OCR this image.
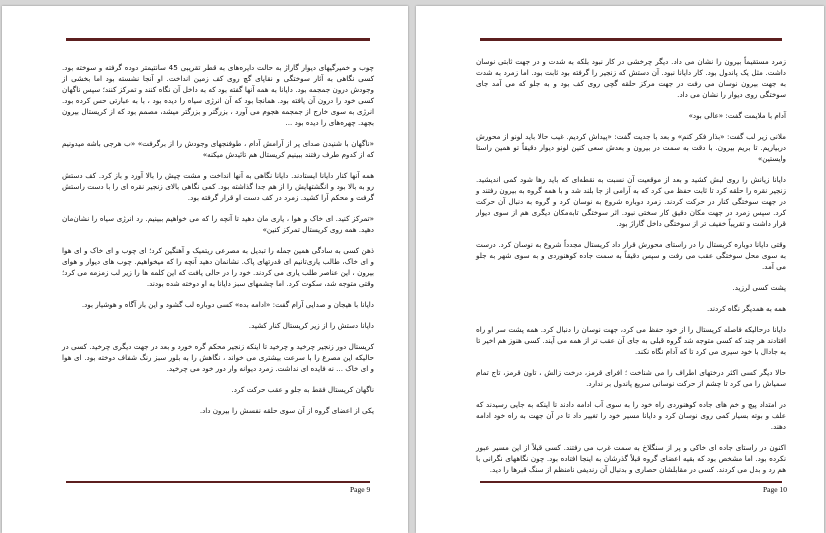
چوب و خمیرگیهای دیوار گاراژ به حالت دایره‌های به قطر تقریبی 45 سانتیمتر دوده گرفته و سوخته بود. کسی نگاهی به آثار سوختگی و نقاپای گچ روی کف زمین انداخت. او آنجا نشسته بود اما بخشی از وجودش درون جمجمه بود. دایانا به همه آنها گفته بود که به داخل آن نگاه کنند و تمرکز کنند؛ سپس ناگهان کسی خود را درون آن یافته بود. همانجا بود که آن انرژی سیاه را دیده بود ، با به عبارتی حس کرده بود. انرژی به سوی خارج از جمجمه هجوم می آورد ، بزرگتر و بزرگتر میشد، مصمم بود که از کریستال بیرون بجهد. چهره‌های را دیده بود ...

«ناگهان با شنیدن صدای پر از آرامش آدام ، طوفنجهای وجودش را از برگرفت» «ب هرجی باشه میدونیم که از کدوم طرف رفتند ببینیم کریستال هم تائیدش میکنه»

همه آنها کنار دایانا ایستادند. دایانا نگاهی به آنها انداخت و مشت چپش را بالا آورد و باز کرد. کف دستش رو به بالا بود و انگشتهایش را از هم جدا گذاشته بود. کمی نگاهی بالای زنجیر نقره ای را با دست راستش گرفت و محکم آرا کشید. زمرد در کف دست او قرار گرفته بود.

«تمرکز کنید. ای خاک و هوا ، یاری مان دهید تا آنچه را که می خواهیم ببینیم. رد انرژی سیاه را نشان‌مان دهید. همه روی کریستال تمرکز کنین»

ذهن کسی به سادگی همین جمله را تبدیل به مصرعی ریتمیک و آهنگین کرد؛ ای چوب و ای خاک و ای هوا و ای خاک، طالب یاری‌تانیم ای قدرتهای پاک. نشانمان دهید آنچه را که میخواهیم. چوب های دیوار و هوای بیرون ، این عناصر طلب یاری می کردند. خود را در حالی یافت که این کلمه ها را زیر لب زمزمه می کرد؛ وقتی متوجه شد، سکوت کرد. اما چشمهای سبز دایانا به او دوخته شده بودند.

دایانا با هیجان و صدایی آرام گفت: «ادامه بده» کسی دوباره لب گشود و این بار آگاه و هوشیار بود.

دایانا دستش را از زیر کریستال کنار کشید.

کریستال دور زنجیر چرخید و چرخید تا اینکه زنجیر محکم گره خورد و بعد در جهت دیگری چرخید. کسی در حالیکه این مصرع را با سرعت بیشتری می خواند ، نگاهش را به بلور سبز رنگ شفاف دوخته بود. ای هوا و ای خاک ... نه فایده ای نداشت. زمرد دیوانه وار دور خود می چرخید.

ناگهان کریستال فقط به جلو و عقب حرکت کرد.

یکی از اعضای گروه از آن سوی حلقه نفسش را بیرون داد.

Page 9

زمرد مستقیماً بیرون را نشان می داد. دیگر چرخشی در کار نبود بلکه به شدت و در جهت ثابتی نوسان داشت. مثل یک پاندول بود. کار دایانا نبود. آن دستش که زنجیر را گرفته بود ثابت بود. اما زمرد به شدت به جهت بیرون نوسان می رفت در جهت مرکز حلقه گچی روی کف بود و به جلو که می آمد جای سوختگی روی دیوار را نشان می داد.

آدام با ملایمت گفت: «عالی بود»

ملانی زیر لب گفت: «بذار فکر کنم» و بعد با جدیت گفت: «پیداش کردیم. غیب حالا باید لونو از محورش دربیاریم. تا بریم بیرون. با دقت به سمت در بیرون و بعدش سعی کنین لونو دیوار دقیقاً تو همین راستا وایستین»

دایانا زیانش را روی لبش کشید و بعد از موقعیت آن نسبت به نقطه‌ای که باید رها شود کمی اندیشید. زنجیر نقره را حلقه کرد تا ثابت حفظ می کرد که به آرامی از جا بلند شد و با همه گروه به بیرون رفتند و در جهت سوختگی کنار در حرکت کردند. زمرد دوباره شروع به نوسان کرد و گروه به دنبال آن حرکت کرد. سپس زمرد در جهت مکان دقیق کار سختی نبود. اثر سوختگی تابه‌مکان دیگری هم از سوی دیوار قرار داشت و تقریباً خفیف تر از سوختگی داخل گاراژ بود.

وقتی دایانا دوباره کریستال را در راستای محورش قرار داد کریستال مجدداً شروع به نوسان کرد. درست به سوی محل سوختگی عقب می رفت و سپس دقیقاً به سمت جاده کوهنوردی و به سوی شهر به جلو می آمد.

پشت کسی لرزید.

همه به همدیگر نگاه کردند.

دایانا درحالیکه فاصله کریستال را از خود حفظ می کرد، جهت نوسان را دنبال کرد. همه پشت سر او راه افتادند هر چند که کسی متوجه شد گروه قبلی به جای آن عقب تر از همه می آیند. کسی هنوز هم اخیر تا به جادال با خود سیری می کرد تا که آدام نگاه نکند.

حالا دیگر کسی اکثر درختهای اطراف را می شناخت ؛ افرای قرمز، درخت زالش ، تاون قرمز، تاج تمام سمیاش را می کرد تا چشم از حرکت نوسانی سریع پاندول بر ندارد.

در امتداد پیچ و خم های جاده کوهنوردی راه خود را به سوی آب ادامه دادند تا اینکه به جایی رسیدند که علف و بوته بسیار کمی روی نوسان کرد و دایانا مسیر خود را تغییر داد تا در آن جهت به راه خود ادامه دهند.

اکنون در راستای جاده ای خاکی و پر از سنگلاخ به سمت غرب می رفتند. کسی قبلاً از این مسیر عبور نکرده بود. اما مشخص بود که بقیه اعضای گروه قبلاً گذرشان به اینجا افتاده بود. چون نگاههای نگرانی با هم رد و بدل می کردند. کسی در مقابلشان حصاری و بدنبال آن رندیفی نامنظم از سنگ قبرها را دید.

Page 10
